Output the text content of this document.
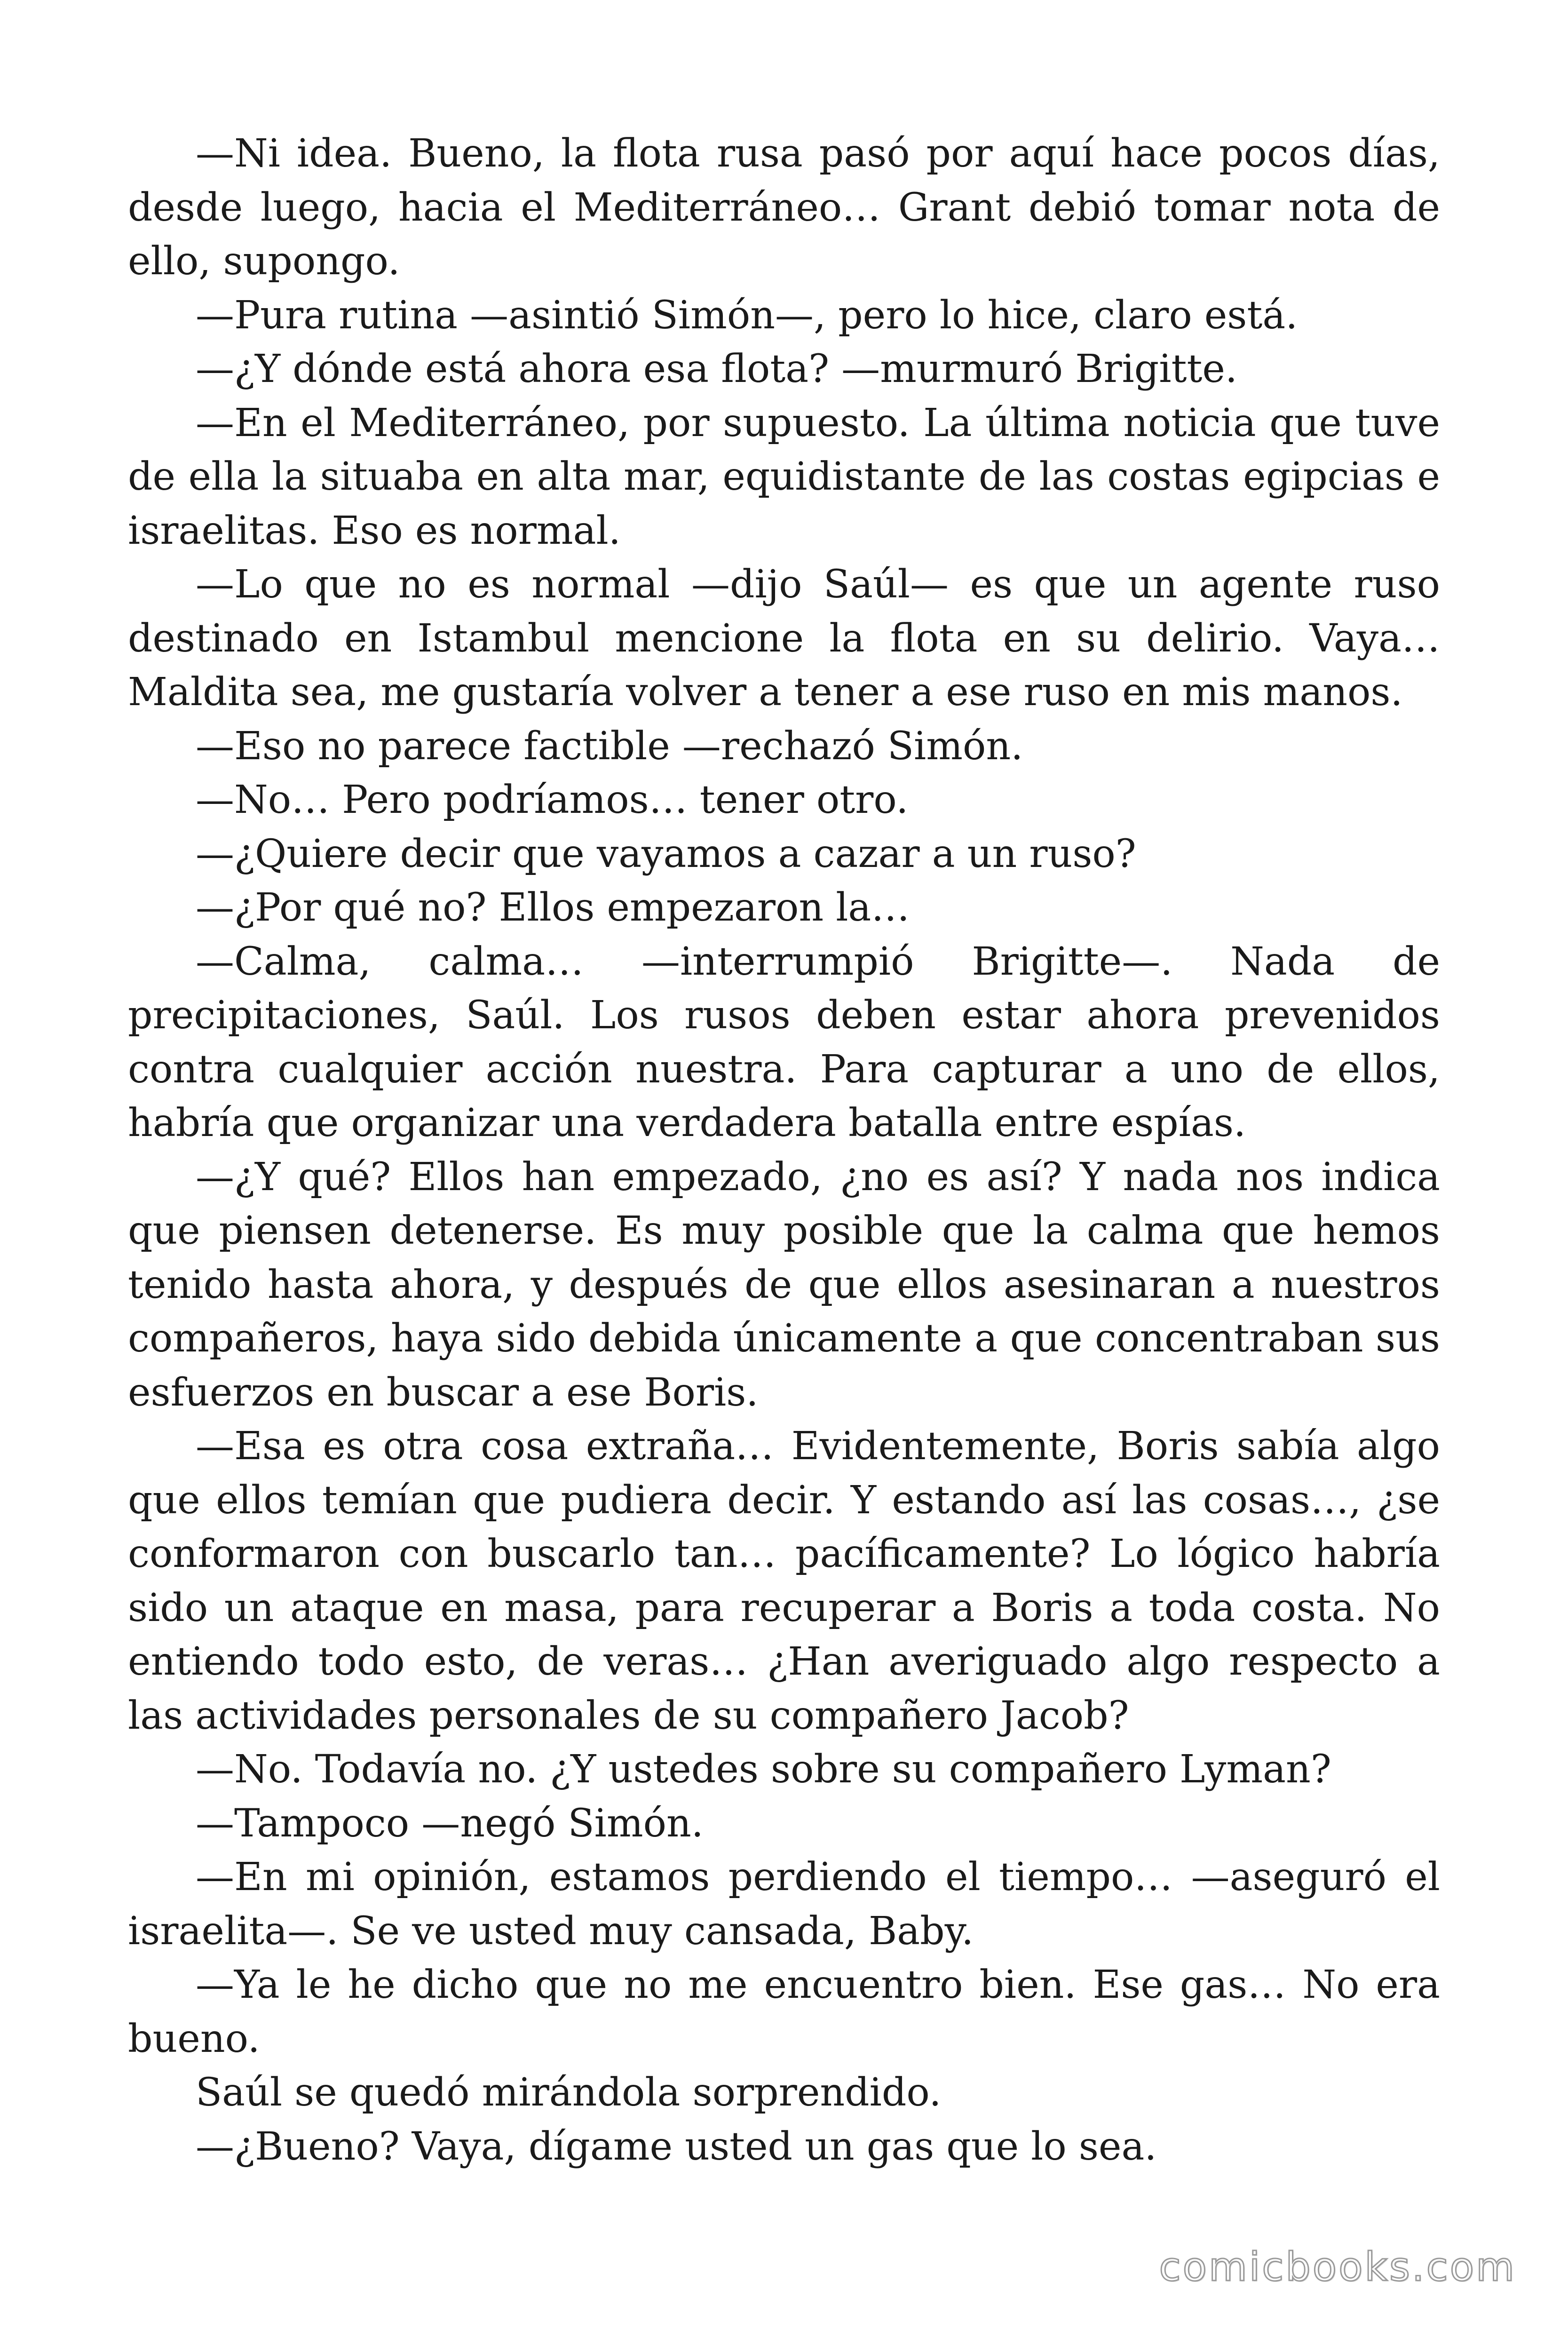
—Ni idea. Bueno, la flota rusa pasó por aquí hace pocos días, desde luego, hacia el Mediterráneo… Grant debió tomar nota de ello, supongo.

—Pura rutina —asintió Simón—, pero lo hice, claro está.

—¿Y dónde está ahora esa flota? —murmuró Brigitte.

—En el Mediterráneo, por supuesto. La última noticia que tuve de ella la situaba en alta mar, equidistante de las costas egipcias e israelitas. Eso es normal.

—Lo que no es normal —dijo Saúl— es que un agente ruso destinado en Istambul mencione la flota en su delirio. Vaya… Maldita sea, me gustaría volver a tener a ese ruso en mis manos.

—Eso no parece factible —rechazó Simón.

—No… Pero podríamos… tener otro.

—¿Quiere decir que vayamos a cazar a un ruso?

—¿Por qué no? Ellos empezaron la…

—Calma, calma… —interrumpió Brigitte—. Nada de precipitaciones, Saúl. Los rusos deben estar ahora prevenidos contra cualquier acción nuestra. Para capturar a uno de ellos, habría que organizar una verdadera batalla entre espías.

—¿Y qué? Ellos han empezado, ¿no es así? Y nada nos indica que piensen detenerse. Es muy posible que la calma que hemos tenido hasta ahora, y después de que ellos asesinaran a nuestros compañeros, haya sido debida únicamente a que concentraban sus esfuerzos en buscar a ese Boris.

—Esa es otra cosa extraña… Evidentemente, Boris sabía algo que ellos temían que pudiera decir. Y estando así las cosas…, ¿se conformaron con buscarlo tan… pacíficamente? Lo lógico habría sido un ataque en masa, para recuperar a Boris a toda costa. No entiendo todo esto, de veras… ¿Han averiguado algo respecto a las actividades personales de su compañero Jacob?

—No. Todavía no. ¿Y ustedes sobre su compañero Lyman?

—Tampoco —negó Simón.

—En mi opinión, estamos perdiendo el tiempo… —aseguró el israelita—. Se ve usted muy cansada, Baby.

—Ya le he dicho que no me encuentro bien. Ese gas… No era bueno.

Saúl se quedó mirándola sorprendido.

—¿Bueno? Vaya, dígame usted un gas que lo sea.

comicbooks.com
